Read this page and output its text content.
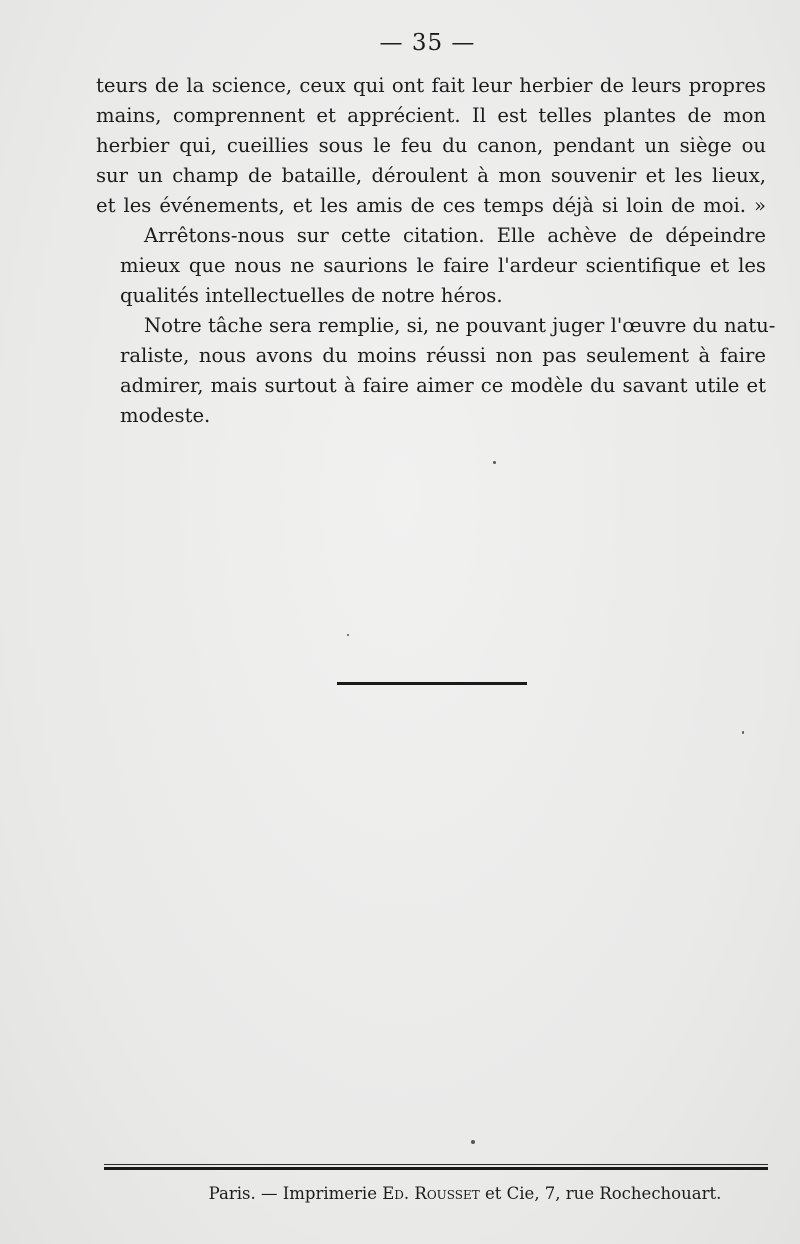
— 35 —

teurs de la science, ceux qui ont fait leur herbier de leurs propres
mains, comprennent et apprécient. Il est telles plantes de mon
herbier qui, cueillies sous le feu du canon, pendant un siège ou
sur un champ de bataille, déroulent à mon souvenir et les lieux,
et les événements, et les amis de ces temps déjà si loin de moi. »

Arrêtons-nous sur cette citation. Elle achève de dépeindre
mieux que nous ne saurions le faire l'ardeur scientifique et les
qualités intellectuelles de notre héros.

Notre tâche sera remplie, si, ne pouvant juger l'œuvre du natu-
raliste, nous avons du moins réussi non pas seulement à faire
admirer, mais surtout à faire aimer ce modèle du savant utile et
modeste.

Paris. — Imprimerie Ed. Rousset et Cie, 7, rue Rochechouart.
